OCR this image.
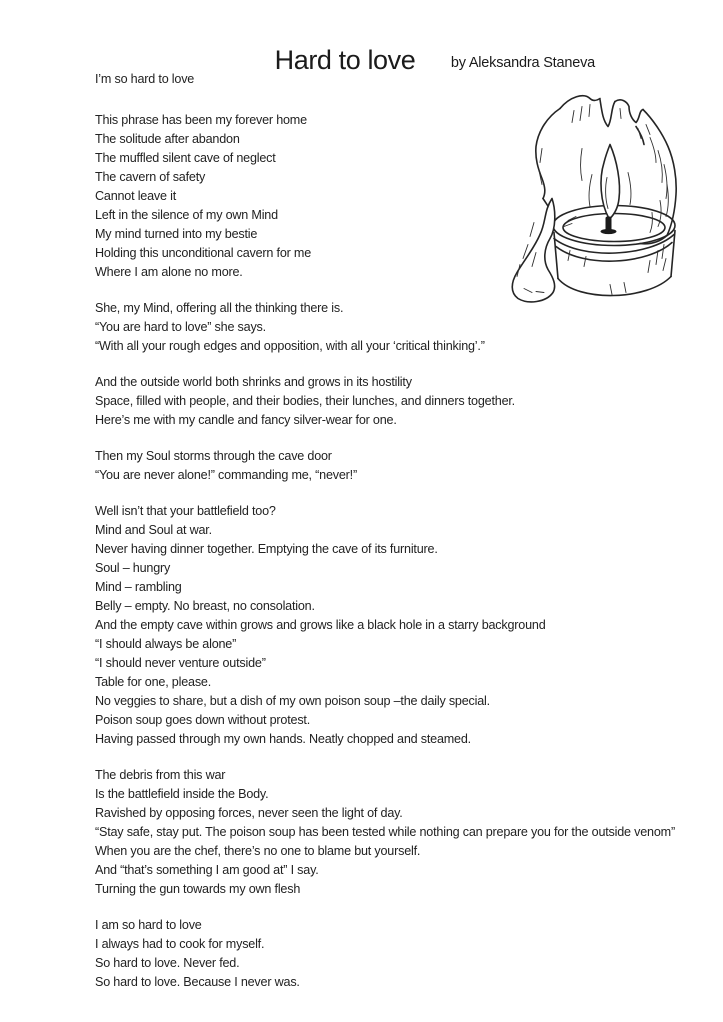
Hard to love	by Aleksandra Staneva
I’m so hard to love
This phrase has been my forever home
The solitude after abandon
The muffled silent cave of neglect
The cavern of safety
Cannot leave it
Left in the silence of my own Mind
My mind turned into my bestie
Holding this unconditional cavern for me
Where I am alone no more.
She, my Mind, offering all the thinking there is.
“You are hard to love” she says.
“With all your rough edges and opposition, with all your ‘critical thinking’.”
And the outside world both shrinks and grows in its hostility
Space, filled with people, and their bodies, their lunches, and dinners together.
Here’s me with my candle and fancy silver-wear for one.
Then my Soul storms through the cave door
“You are never alone!” commanding me, “never!”
Well isn’t that your battlefield too?
Mind and Soul at war.
Never having dinner together. Emptying the cave of its furniture.
Soul – hungry
Mind – rambling
Belly – empty. No breast, no consolation.
And the empty cave within grows and grows like a black hole in a starry background
“I should always be alone”
“I should never venture outside”
Table for one, please.
No veggies to share, but a dish of my own poison soup –the daily special.
Poison soup goes down without protest.
Having passed through my own hands. Neatly chopped and steamed.
The debris from this war
Is the battlefield inside the Body.
Ravished by opposing forces, never seen the light of day.
“Stay safe, stay put. The poison soup has been tested while nothing can prepare you for the outside venom”
When you are the chef, there’s no one to blame but yourself.
And “that’s something I am good at” I say.
Turning the gun towards my own flesh
I am so hard to love
I always had to cook for myself.
So hard to love. Never fed.
So hard to love. Because I never was.
